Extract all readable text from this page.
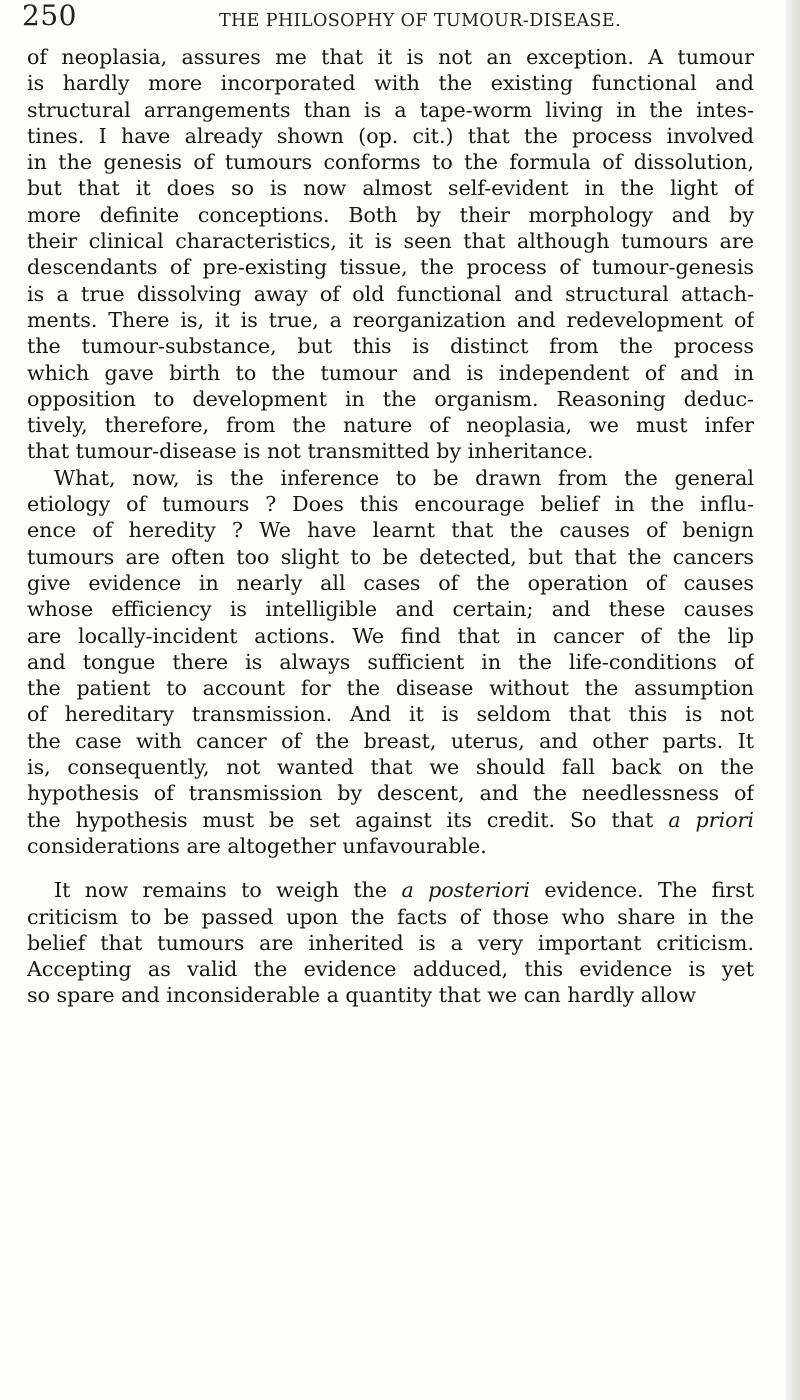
250	THE PHILOSOPHY OF TUMOUR-DISEASE.
of neoplasia, assures me that it is not an exception. A tumour
is hardly more incorporated with the existing functional and
structural arrangements than is a tape-worm living in the intes-
tines. I have already shown (op. cit.) that the process involved
in the genesis of tumours conforms to the formula of dissolution,
but that it does so is now almost self-evident in the light of
more definite conceptions. Both by their morphology and by
their clinical characteristics, it is seen that although tumours are
descendants of pre-existing tissue, the process of tumour-genesis
is a true dissolving away of old functional and structural attach-
ments. There is, it is true, a reorganization and redevelopment of
the tumour-substance, but this is distinct from the process
which gave birth to the tumour and is independent of and in
opposition to development in the organism. Reasoning deduc-
tively, therefore, from the nature of neoplasia, we must infer
that tumour-disease is not transmitted by inheritance.
What, now, is the inference to be drawn from the general
etiology of tumours ? Does this encourage belief in the influ-
ence of heredity ? We have learnt that the causes of benign
tumours are often too slight to be detected, but that the cancers
give evidence in nearly all cases of the operation of causes
whose efficiency is intelligible and certain; and these causes
are locally-incident actions. We find that in cancer of the lip
and tongue there is always sufficient in the life-conditions of
the patient to account for the disease without the assumption
of hereditary transmission. And it is seldom that this is not
the case with cancer of the breast, uterus, and other parts. It
is, consequently, not wanted that we should fall back on the
hypothesis of transmission by descent, and the needlessness of
the hypothesis must be set against its credit. So that a priori
considerations are altogether unfavourable.
It now remains to weigh the a posteriori evidence. The first
criticism to be passed upon the facts of those who share in the
belief that tumours are inherited is a very important criticism.
Accepting as valid the evidence adduced, this evidence is yet
so spare and inconsiderable a quantity that we can hardly allow
